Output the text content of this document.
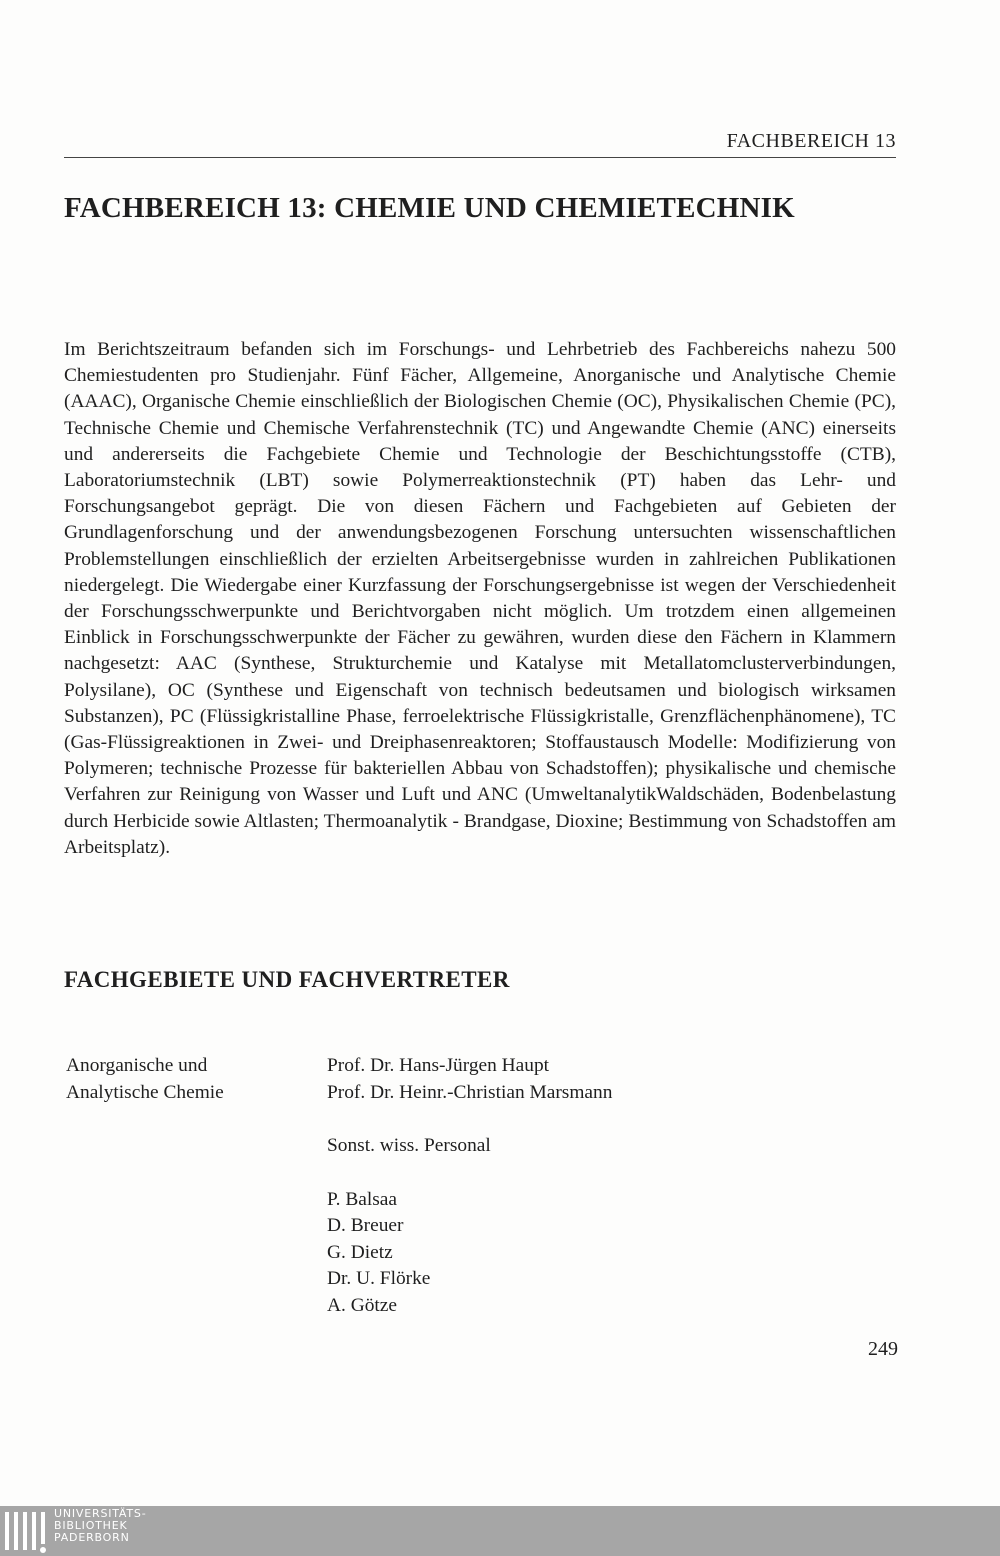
FACHBEREICH 13
FACHBEREICH 13: CHEMIE UND CHEMIETECHNIK

Im Berichtszeitraum befanden sich im Forschungs- und Lehrbetrieb des Fachbereichs nahezu 500 Chemiestudenten pro Studienjahr. Fünf Fächer, Allgemeine, Anorganische und Analytische Chemie (AAAC), Organische Chemie einschließlich der Biologischen Chemie (OC), Physikalischen Chemie (PC), Technische Chemie und Chemische Verfahrenstechnik (TC) und Angewandte Chemie (ANC) einerseits und andererseits die Fachgebiete Chemie und Technologie der Beschichtungsstoffe (CTB), Laboratoriumstechnik (LBT) sowie Polymerreaktionstechnik (PT) haben das Lehr- und Forschungsangebot geprägt. Die von diesen Fächern und Fachgebieten auf Gebieten der Grundlagenforschung und der anwendungsbezogenen Forschung untersuchten wissenschaftlichen Problemstellungen einschließlich der erzielten Arbeitsergebnisse wurden in zahlreichen Publikationen niedergelegt. Die Wiedergabe einer Kurzfassung der Forschungsergebnisse ist wegen der Verschiedenheit der Forschungsschwerpunkte und Berichtvorgaben nicht möglich. Um trotzdem einen allgemeinen Einblick in Forschungsschwerpunkte der Fächer zu gewähren, wurden diese den Fächern in Klammern nachgesetzt: AAC (Synthese, Strukturchemie und Katalyse mit Metallatomclusterverbindungen, Polysilane), OC (Synthese und Eigenschaft von technisch bedeutsamen und biologisch wirksamen Substanzen), PC (Flüssigkristalline Phase, ferroelektrische Flüssigkristalle, Grenzflächenphänomene), TC (Gas-Flüssigreaktionen in Zwei- und Dreiphasenreaktoren; Stoffaustausch Modelle: Modifizierung von Polymeren; technische Prozesse für bakteriellen Abbau von Schadstoffen); physikalische und chemische Verfahren zur Reinigung von Wasser und Luft und ANC (UmweltanalytikWaldschäden, Bodenbelastung durch Herbicide sowie Altlasten; Thermoanalytik - Brandgase, Dioxine; Bestimmung von Schadstoffen am Arbeitsplatz).

FACHGEBIETE UND FACHVERTRETER
Anorganische und
Analytische Chemie
Prof. Dr. Hans-Jürgen Haupt
Prof. Dr. Heinr.-Christian Marsmann
Sonst. wiss. Personal
P. Balsaa
D. Breuer
G. Dietz
Dr. U. Flörke
A. Götze
249
UNIVERSITÄTS-
BIBLIOTHEK
PADERBORN
